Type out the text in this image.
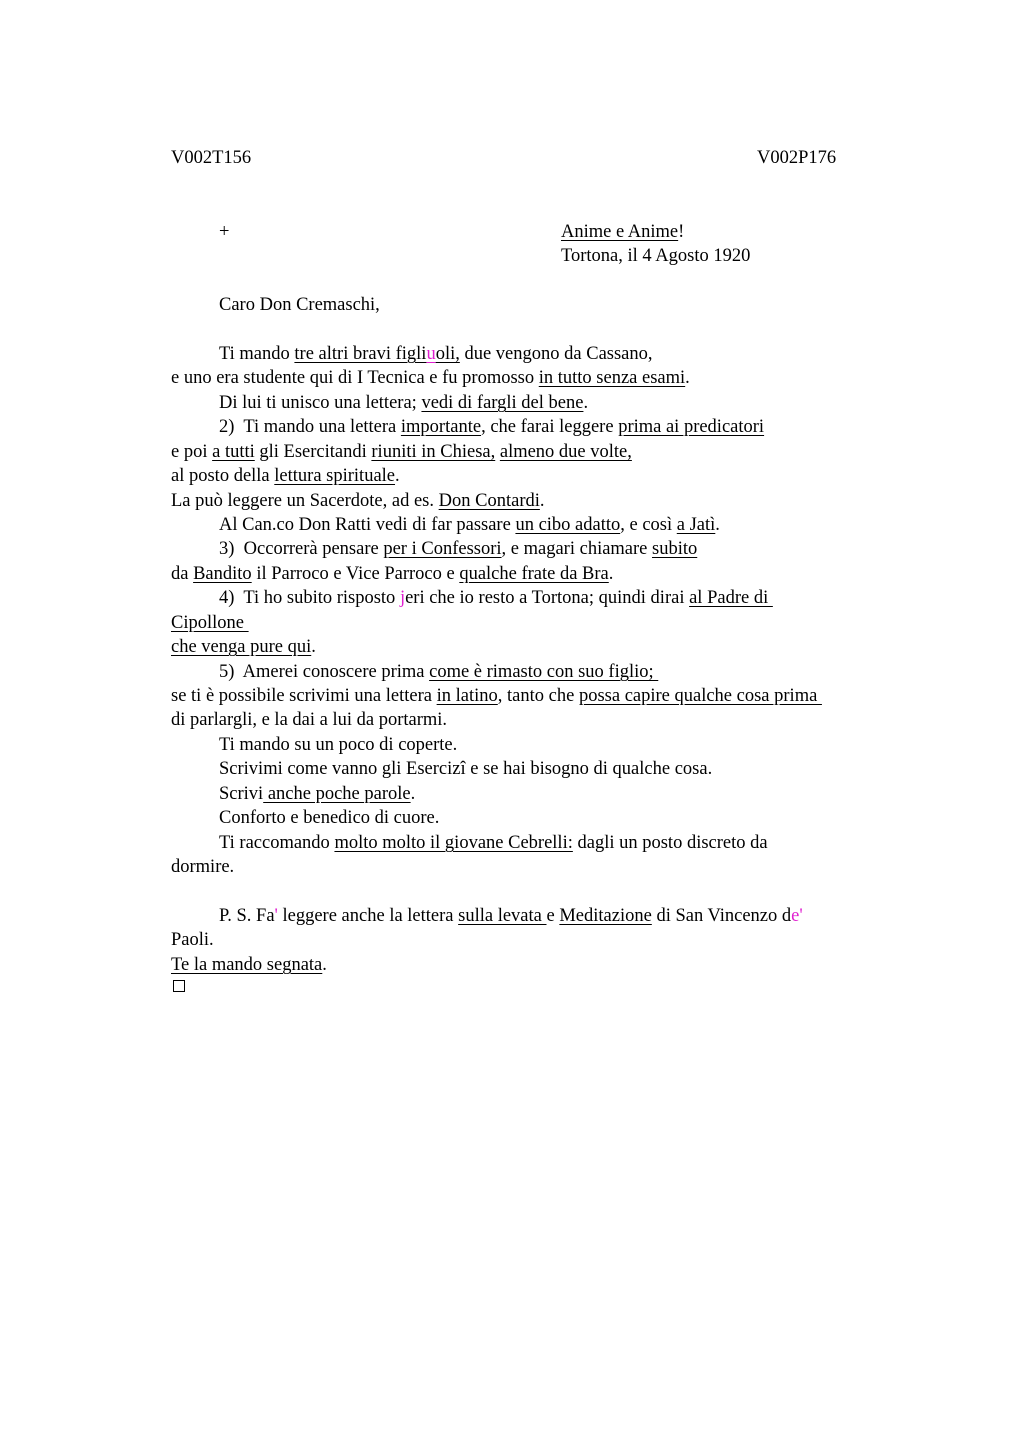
V002T156	V002P176
+	Anime e Anime!
Tortona, il 4 Agosto 1920
Caro Don Cremaschi,
Ti mando tre altri bravi figliuoli, due vengono da Cassano,
e uno era studente qui di I Tecnica e fu promosso in tutto senza esami.
Di lui ti unisco una lettera; vedi di fargli del bene.
2)  Ti mando una lettera importante, che farai leggere prima ai predicatori
e poi a tutti gli Esercitandi riuniti in Chiesa, almeno due volte,
al posto della lettura spirituale.
La può leggere un Sacerdote, ad es. Don Contardi.
Al Can.co Don Ratti vedi di far passare un cibo adatto, e così a Jatì.
3)  Occorrerà pensare per i Confessori, e magari chiamare subito
da Bandito il Parroco e Vice Parroco e qualche frate da Bra.
4)  Ti ho subito risposto jeri che io resto a Tortona; quindi dirai al Padre di
Cipollone
che venga pure qui.
5)  Amerei conoscere prima come è rimasto con suo figlio;
se ti è possibile scrivimi una lettera in latino, tanto che possa capire qualche cosa prima
di parlargli, e la dai a lui da portarmi.
Ti mando su un poco di coperte.
Scrivimi come vanno gli Esercizi e se hai bisogno di qualche cosa.
Scrivi anche poche parole.
Conforto e benedico di cuore.
Ti raccomando molto molto il giovane Cebrelli: dagli un posto discreto da
dormire.
P. S. Fa' leggere anche la lettera sulla levata e Meditazione di San Vincenzo de'
Paoli.
Te la mando segnata.
